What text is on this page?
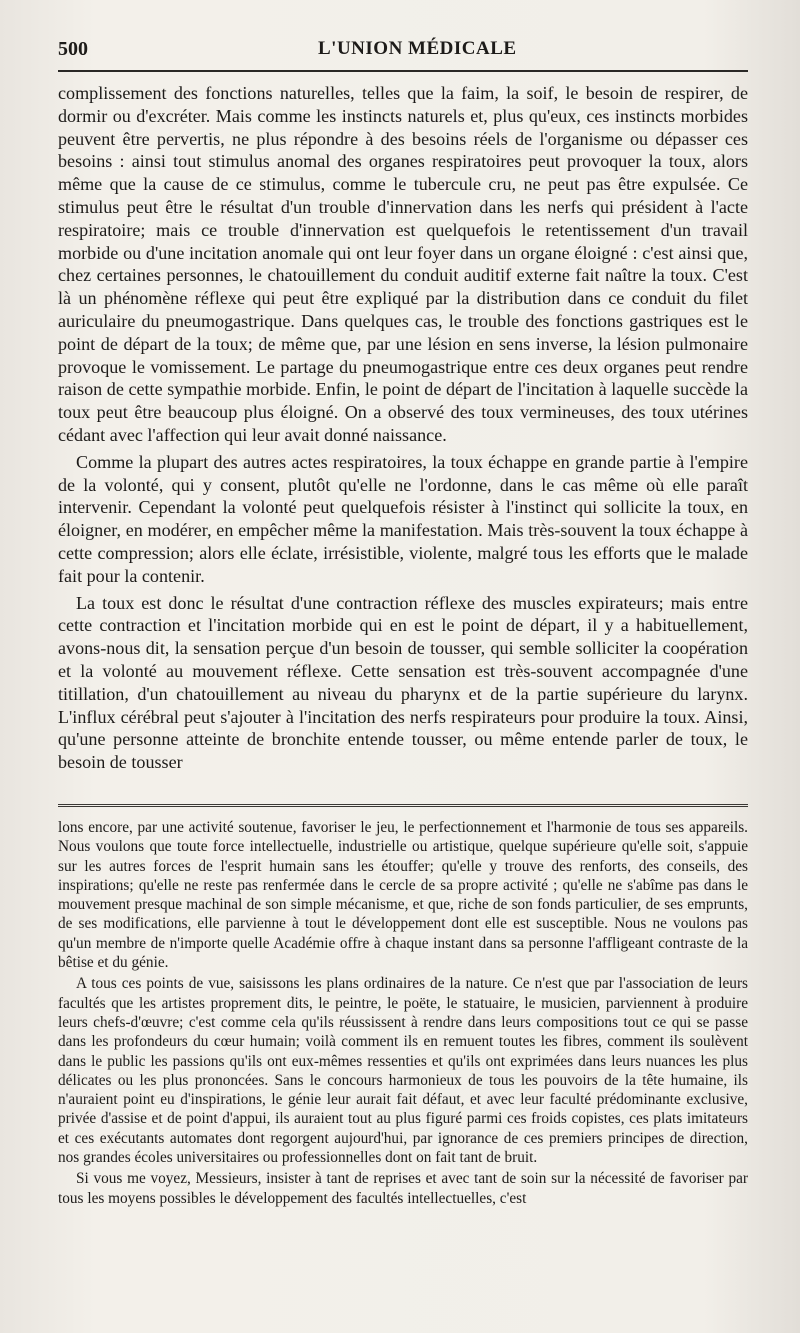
500	L'UNION MÉDICALE

complissement des fonctions naturelles, telles que la faim, la soif, le besoin de respirer, de dormir ou d'excréter. Mais comme les instincts naturels et, plus qu'eux, ces instincts morbides peuvent être pervertis, ne plus répondre à des besoins réels de l'organisme ou dépasser ces besoins : ainsi tout stimulus anomal des organes respiratoires peut provoquer la toux, alors même que la cause de ce stimulus, comme le tubercule cru, ne peut pas être expulsée. Ce stimulus peut être le résultat d'un trouble d'innervation dans les nerfs qui président à l'acte respiratoire; mais ce trouble d'innervation est quelquefois le retentissement d'un travail morbide ou d'une incitation anomale qui ont leur foyer dans un organe éloigné : c'est ainsi que, chez certaines personnes, le chatouillement du conduit auditif externe fait naître la toux. C'est là un phénomène réflexe qui peut être expliqué par la distribution dans ce conduit du filet auriculaire du pneumogastrique. Dans quelques cas, le trouble des fonctions gastriques est le point de départ de la toux; de même que, par une lésion en sens inverse, la lésion pulmonaire provoque le vomissement. Le partage du pneumogastrique entre ces deux organes peut rendre raison de cette sympathie morbide. Enfin, le point de départ de l'incitation à laquelle succède la toux peut être beaucoup plus éloigné. On a observé des toux vermineuses, des toux utérines cédant avec l'affection qui leur avait donné naissance.

Comme la plupart des autres actes respiratoires, la toux échappe en grande partie à l'empire de la volonté, qui y consent, plutôt qu'elle ne l'ordonne, dans le cas même où elle paraît intervenir. Cependant la volonté peut quelquefois résister à l'instinct qui sollicite la toux, en éloigner, en modérer, en empêcher même la manifestation. Mais très-souvent la toux échappe à cette compression; alors elle éclate, irrésistible, violente, malgré tous les efforts que le malade fait pour la contenir.

La toux est donc le résultat d'une contraction réflexe des muscles expirateurs; mais entre cette contraction et l'incitation morbide qui en est le point de départ, il y a habituellement, avons-nous dit, la sensation perçue d'un besoin de tousser, qui semble solliciter la coopération et la volonté au mouvement réflexe. Cette sensation est très-souvent accompagnée d'une titillation, d'un chatouillement au niveau du pharynx et de la partie supérieure du larynx. L'influx cérébral peut s'ajouter à l'incitation des nerfs respirateurs pour produire la toux. Ainsi, qu'une personne atteinte de bronchite entende tousser, ou même entende parler de toux, le besoin de tousser

lons encore, par une activité soutenue, favoriser le jeu, le perfectionnement et l'harmonie de tous ses appareils. Nous voulons que toute force intellectuelle, industrielle ou artistique, quelque supérieure qu'elle soit, s'appuie sur les autres forces de l'esprit humain sans les étouffer; qu'elle y trouve des renforts, des conseils, des inspirations; qu'elle ne reste pas renfermée dans le cercle de sa propre activité ; qu'elle ne s'abîme pas dans le mouvement presque machinal de son simple mécanisme, et que, riche de son fonds particulier, de ses emprunts, de ses modifications, elle parvienne à tout le développement dont elle est susceptible. Nous ne voulons pas qu'un membre de n'importe quelle Académie offre à chaque instant dans sa personne l'affligeant contraste de la bêtise et du génie.

A tous ces points de vue, saisissons les plans ordinaires de la nature. Ce n'est que par l'association de leurs facultés que les artistes proprement dits, le peintre, le poëte, le statuaire, le musicien, parviennent à produire leurs chefs-d'œuvre; c'est comme cela qu'ils réussissent à rendre dans leurs compositions tout ce qui se passe dans les profondeurs du cœur humain; voilà comment ils en remuent toutes les fibres, comment ils soulèvent dans le public les passions qu'ils ont eux-mêmes ressenties et qu'ils ont exprimées dans leurs nuances les plus délicates ou les plus prononcées. Sans le concours harmonieux de tous les pouvoirs de la tête humaine, ils n'auraient point eu d'inspirations, le génie leur aurait fait défaut, et avec leur faculté prédominante exclusive, privée d'assise et de point d'appui, ils auraient tout au plus figuré parmi ces froids copistes, ces plats imitateurs et ces exécutants automates dont regorgent aujourd'hui, par ignorance de ces premiers principes de direction, nos grandes écoles universitaires ou professionnelles dont on fait tant de bruit.

Si vous me voyez, Messieurs, insister à tant de reprises et avec tant de soin sur la nécessité de favoriser par tous les moyens possibles le développement des facultés intellectuelles, c'est
